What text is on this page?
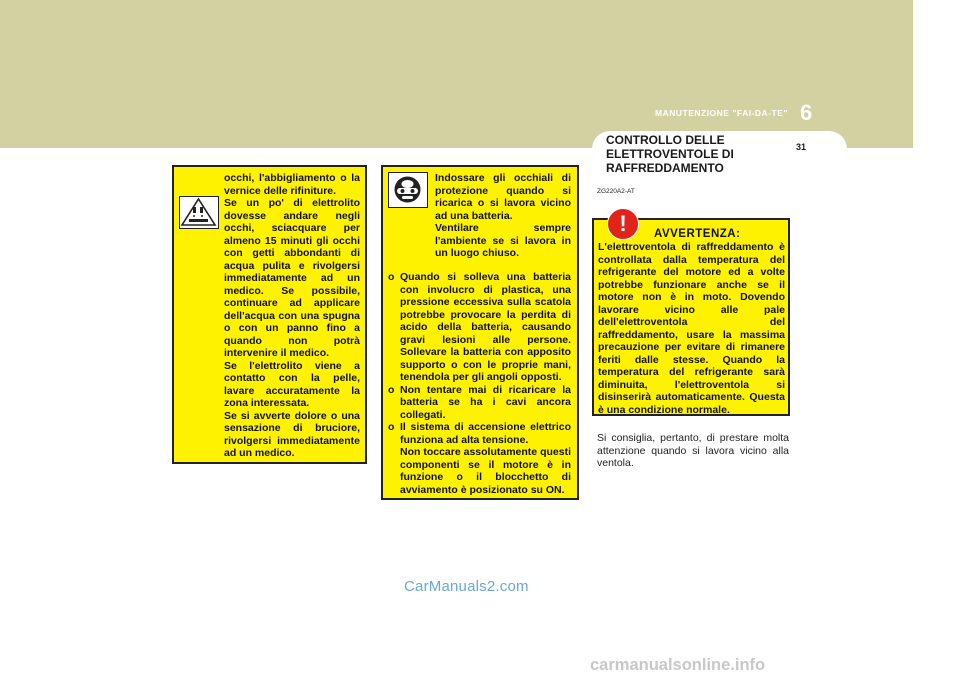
MANUTENZIONE "FAI-DA-TE" 6
CONTROLLO DELLE ELETTROVENTOLE DI RAFFREDDAMENTO
31

occhi, l'abbigliamento o la vernice delle rifiniture.

Se un po' di elettrolito dovesse andare negli occhi, sciacquare per almeno 15 minuti gli occhi con getti abbondanti di acqua pulita e rivolgersi immediatamente ad un medico. Se possibile, continuare ad applicare dell'acqua con una spugna o con un panno fino a quando non potrà intervenire il medico.

Se l'elettrolito viene a contatto con la pelle, lavare accuratamente la zona interessata.

Se si avverte dolore o una sensazione di bruciore, rivolgersi immediatamente ad un medico.

Indossare gli occhiali di protezione quando si ricarica o si lavora vicino ad una batteria.

Ventilare sempre l'ambiente se si lavora in un luogo chiuso.

o Quando si solleva una batteria con involucro di plastica, una pressione eccessiva sulla scatola potrebbe provocare la perdita di acido della batteria, causando gravi lesioni alle persone. Sollevare la batteria con apposito supporto o con le proprie mani, tenendola per gli angoli opposti.
o Non tentare mai di ricaricare la batteria se ha i cavi ancora collegati.
o Il sistema di accensione elettrico funziona ad alta tensione.
Non toccare assolutamente questi componenti se il motore è in funzione o il blocchetto di avviamento è posizionato su ON.
ZG220A2-AT
!	AVVERTENZA:
L'elettroventola di raffreddamento è controllata dalla temperatura del refrigerante del motore ed a volte potrebbe funzionare anche se il motore non è in moto. Dovendo lavorare vicino alle pale dell'elettroventola del raffreddamento, usare la massima precauzione per evitare di rimanere feriti dalle stesse. Quando la temperatura del refrigerante sarà diminuita, l'elettroventola si disinserirà automaticamente. Questa è una condizione normale.
Si consiglia, pertanto, di prestare molta attenzione quando si lavora vicino alla ventola.
CarManuals2.com
carmanualsonline.info
